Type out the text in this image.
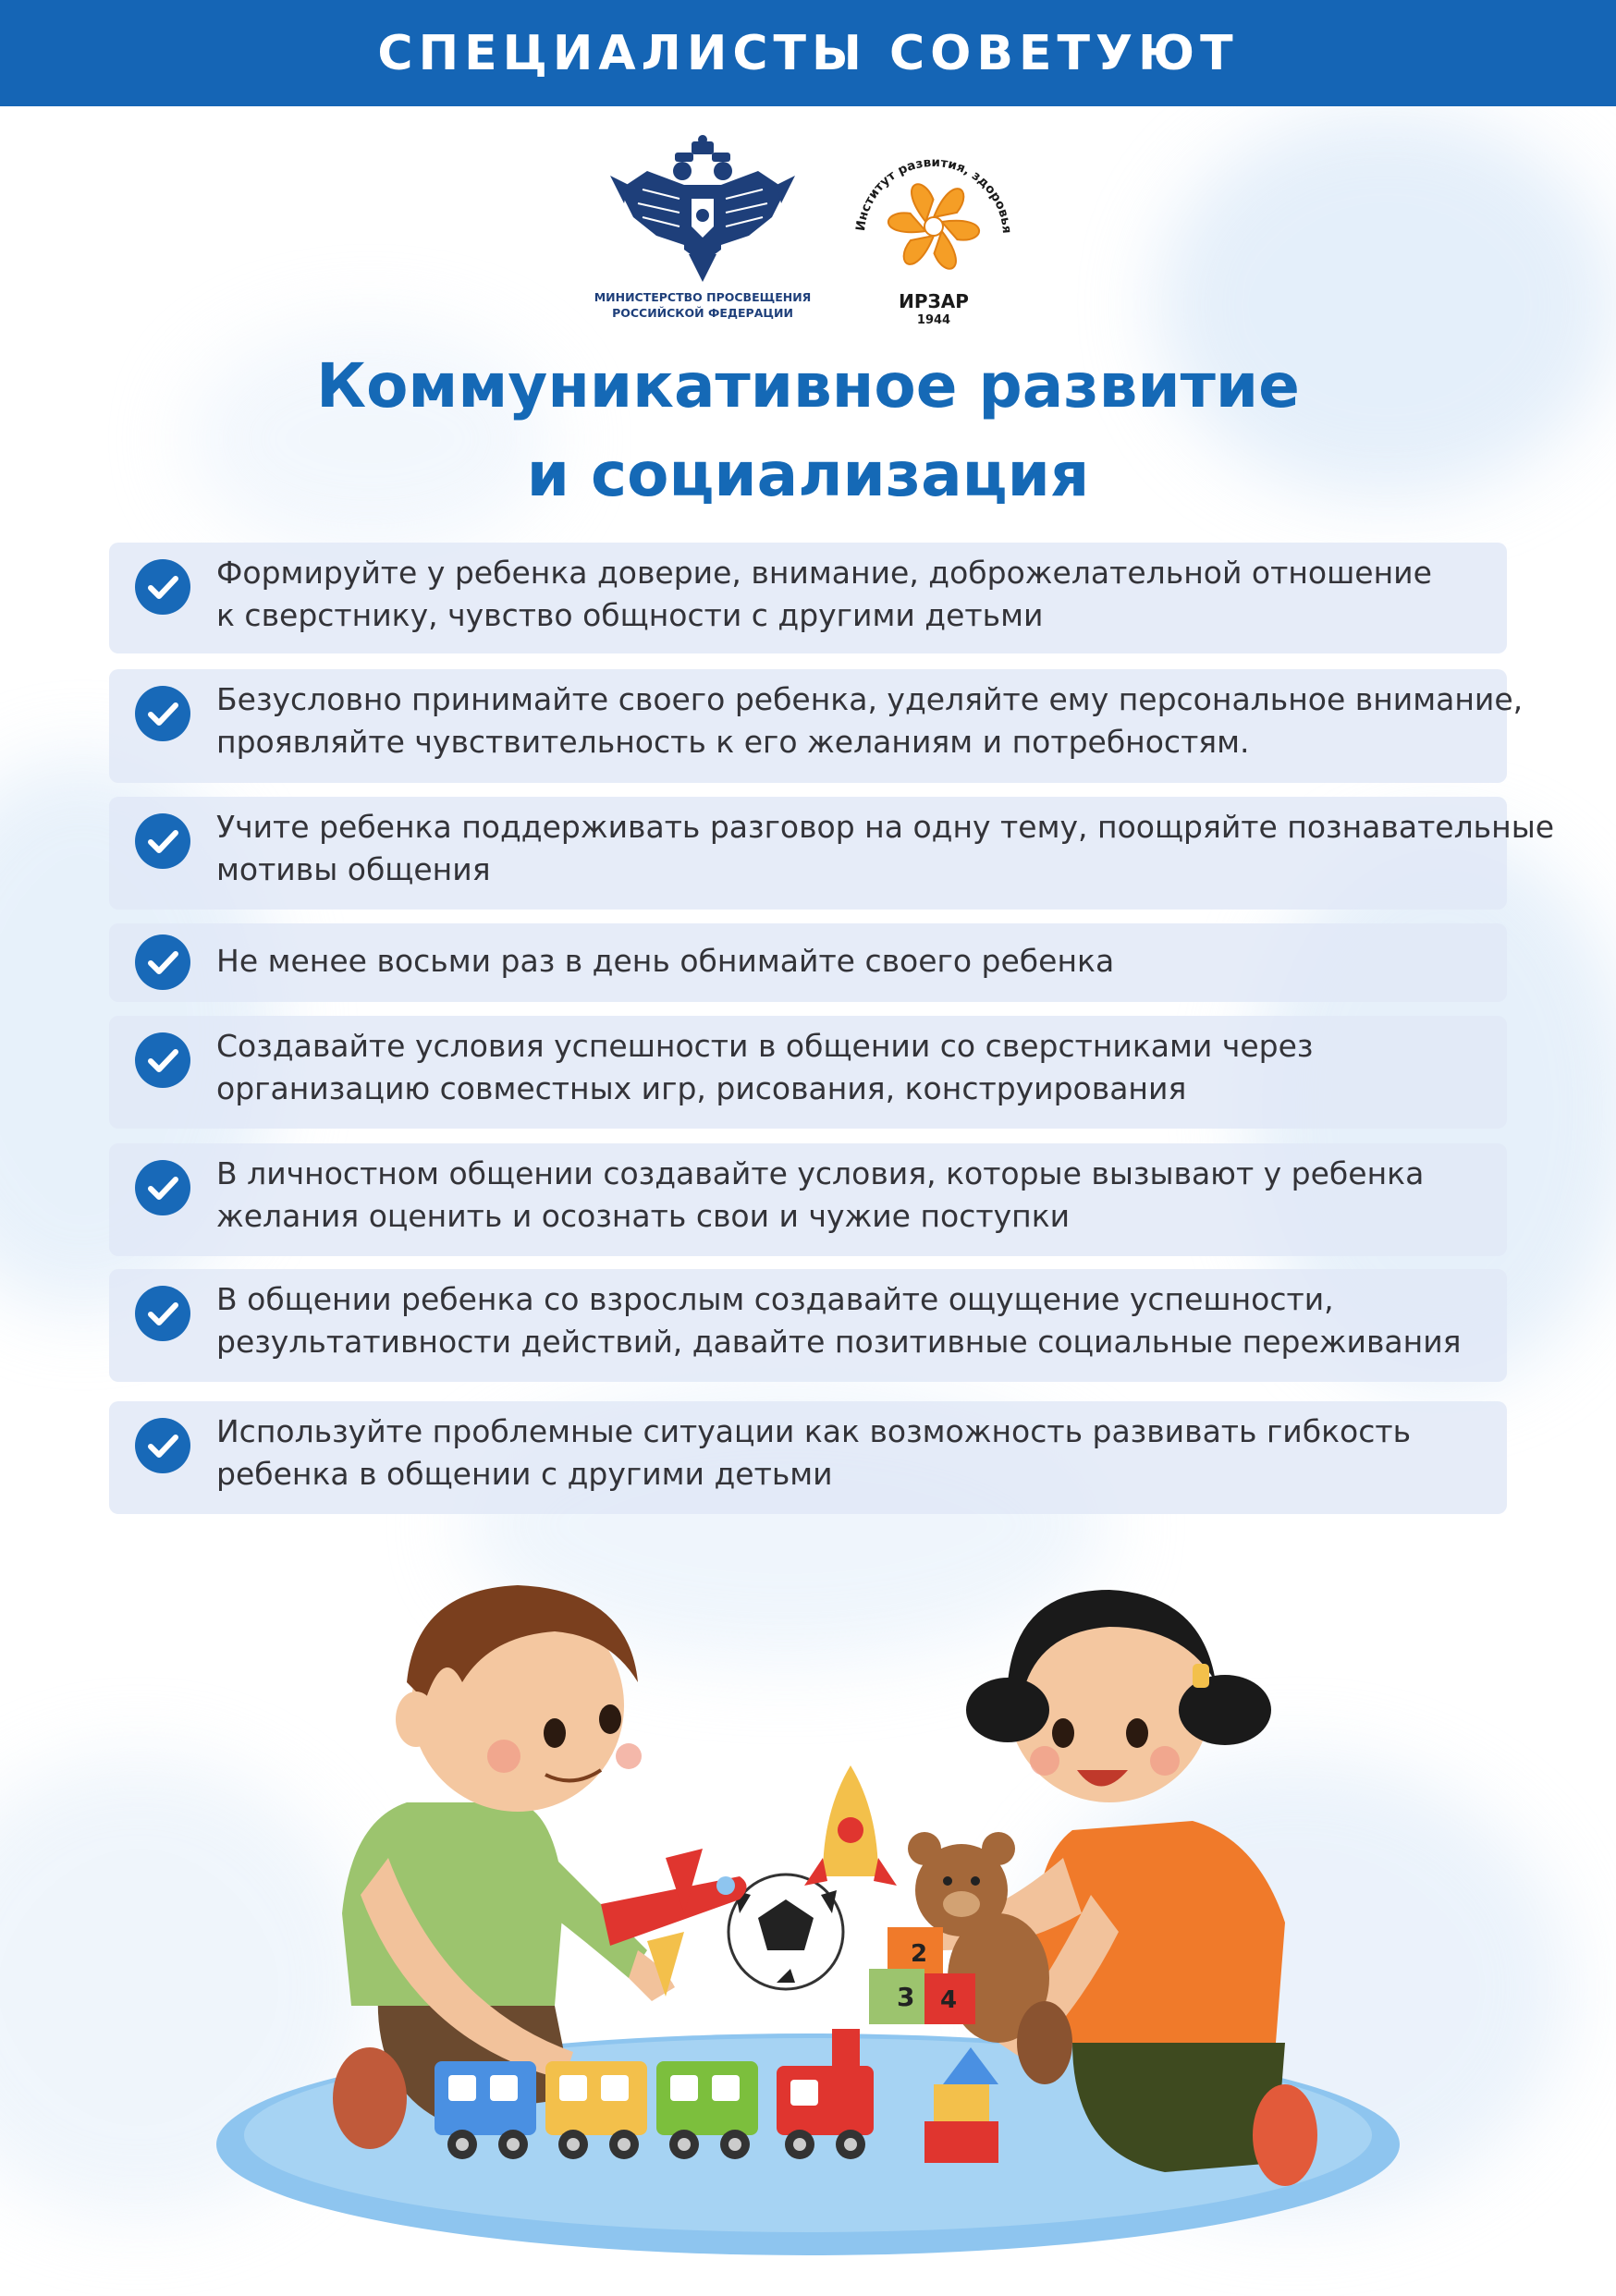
СПЕЦИАЛИСТЫ СОВЕТУЮТ
МИНИСТЕРСТВО ПРОСВЕЩЕНИЯ
РОССИЙСКОЙ ФЕДЕРАЦИИ
Институт развития, здоровья
ИРЗАР
1944
Коммуникативное развитие
и социализация
Формируйте у ребенка доверие, внимание, доброжелательной отношение
к сверстнику, чувство общности с другими детьми
Безусловно принимайте своего ребенка, уделяйте ему персональное внимание,
проявляйте чувствительность к его желаниям и потребностям.
Учите ребенка поддерживать разговор на одну тему, поощряйте познавательные
мотивы общения
Не менее восьми раз в день обнимайте своего ребенка
Создавайте условия успешности в общении со сверстниками через
организацию совместных игр, рисования, конструирования
В личностном общении создавайте условия, которые вызывают у ребенка
желания оценить и осознать свои и чужие поступки
В общении ребенка со взрослым создавайте ощущение успешности,
результативности действий, давайте позитивные социальные переживания
Используйте проблемные ситуации как возможность развивать гибкость
ребенка в общении с другими детьми
3
2
4
